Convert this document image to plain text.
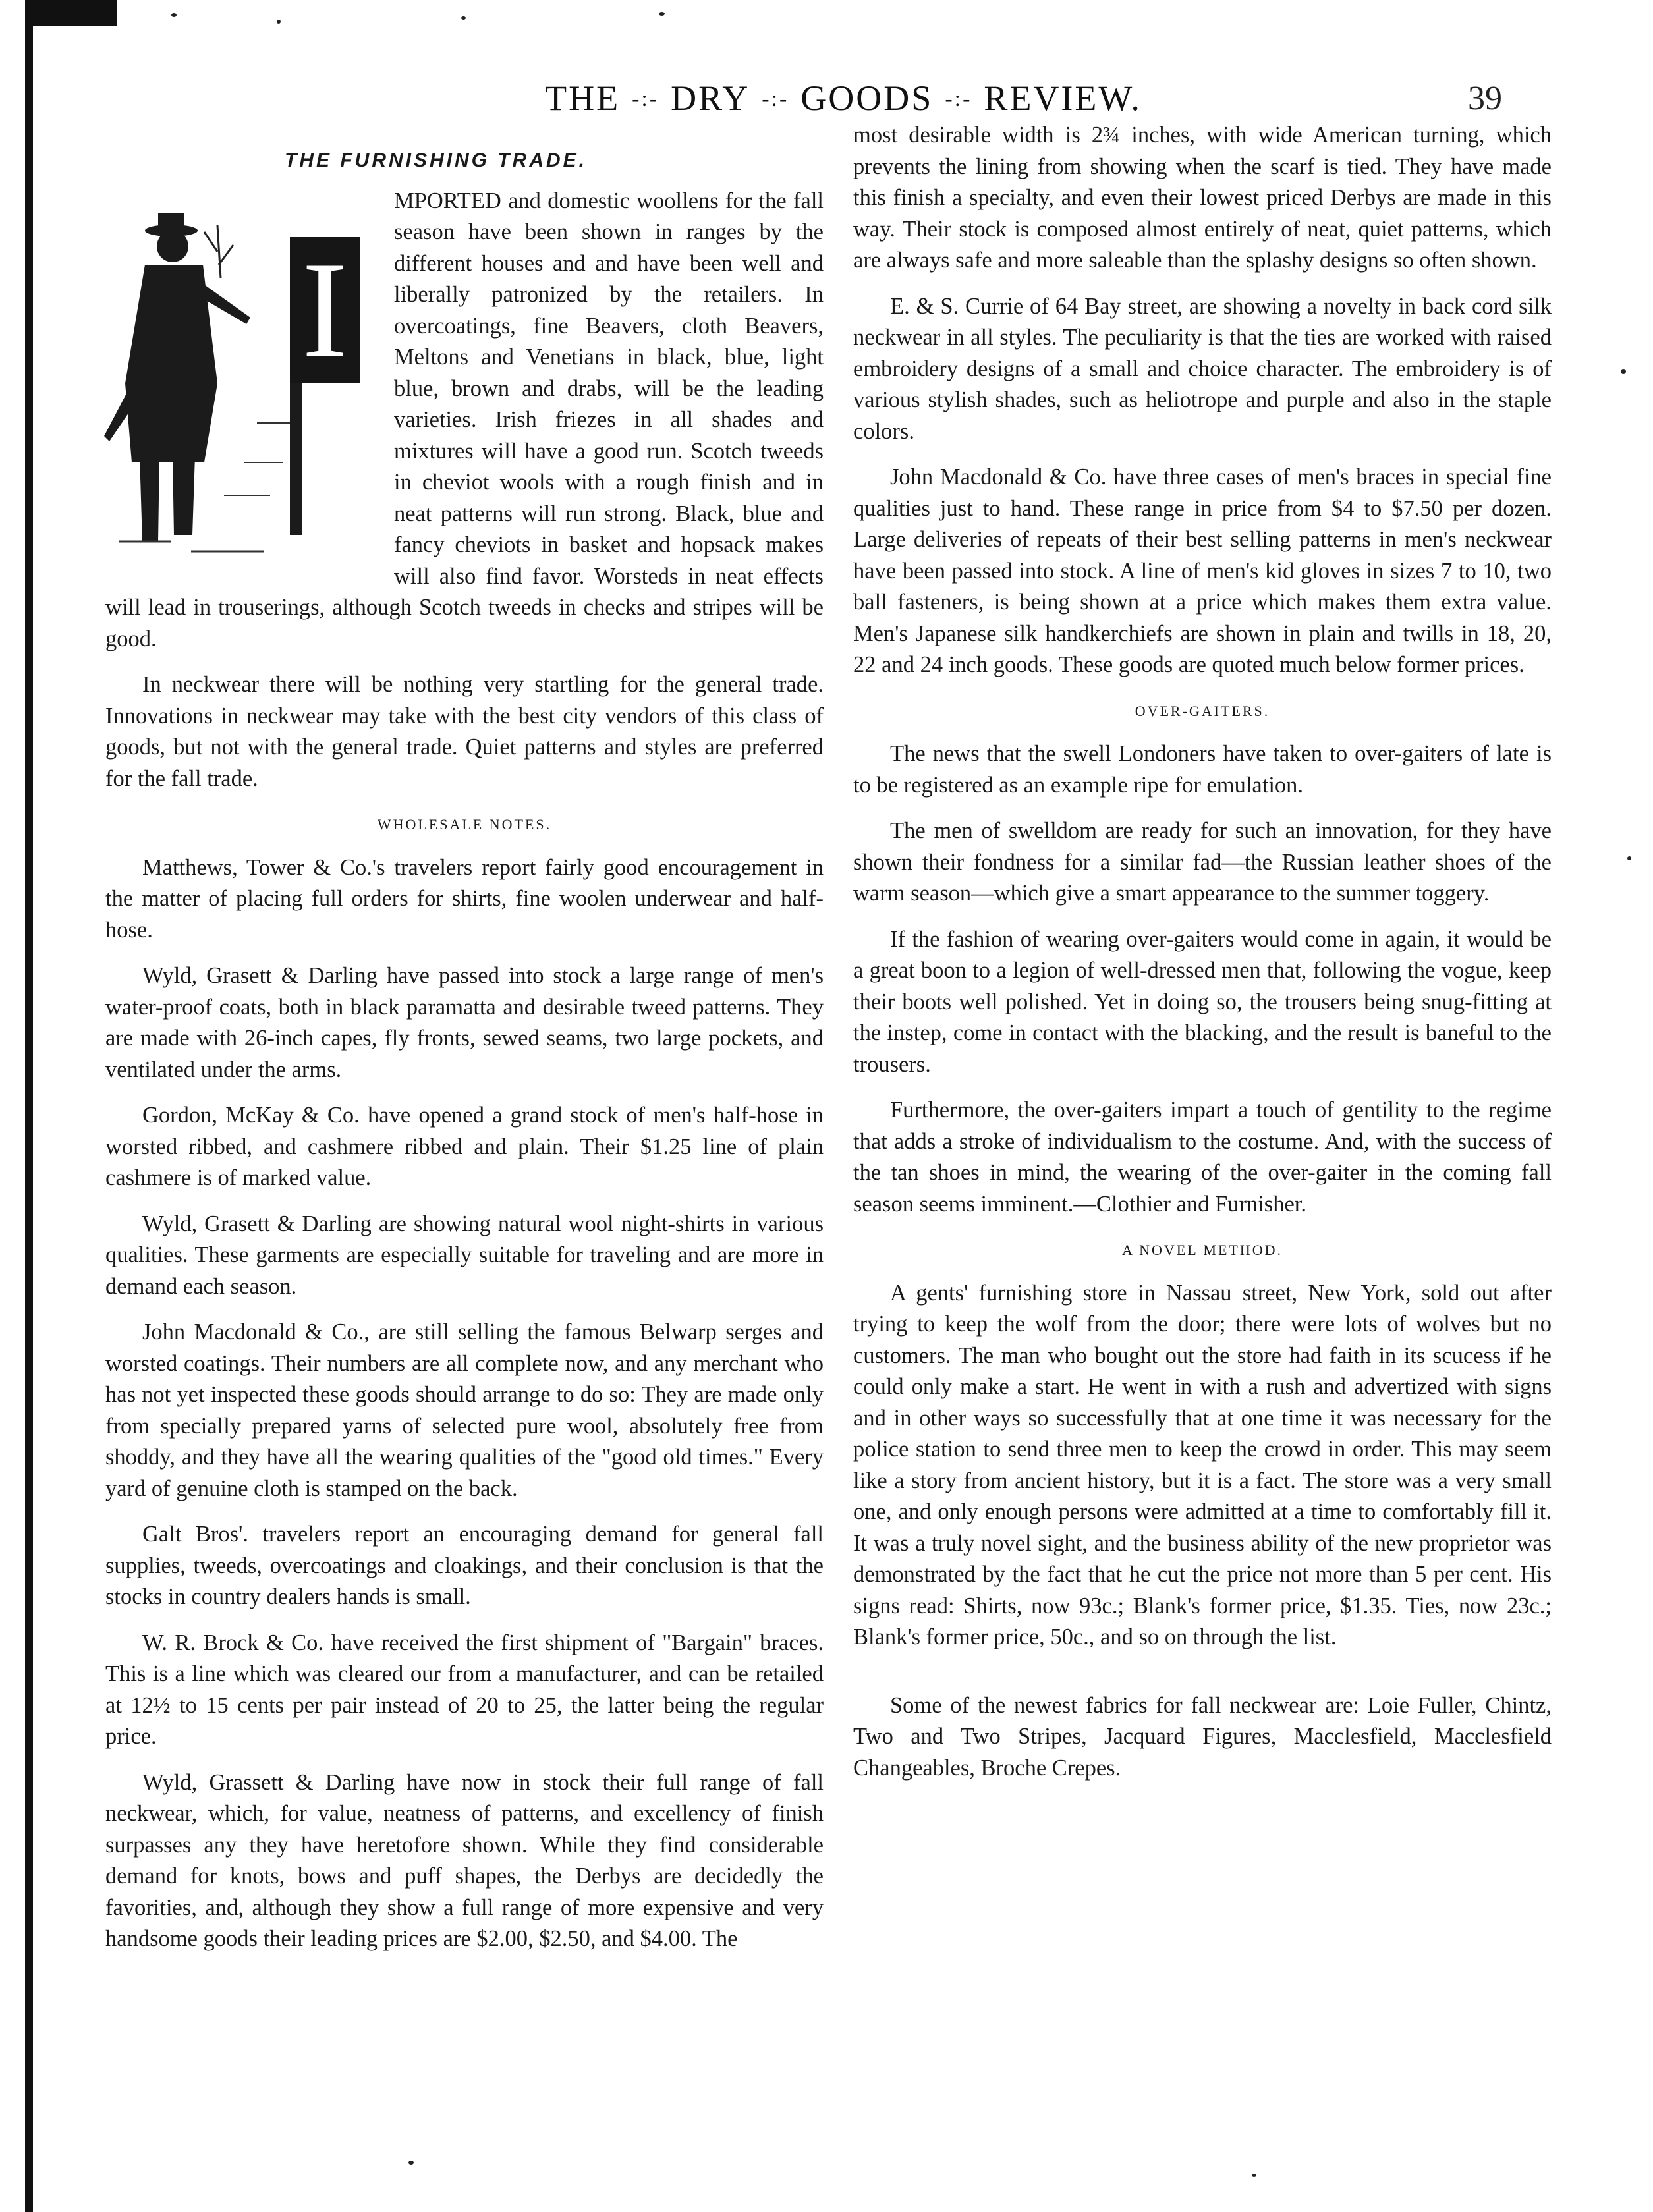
THE -:- DRY -:- GOODS -:- REVIEW.	39
THE FURNISHING TRADE.
I

MPORTED and domestic woollens for the fall season have been shown in ranges by the different houses and and have been well and liberally patronized by the retailers. In overcoatings, fine Beavers, cloth Beavers, Meltons and Venetians in black, blue, light blue, brown and drabs, will be the leading varieties. Irish friezes in all shades and mixtures will have a good run. Scotch tweeds in cheviot wools with a rough finish and in neat patterns will run strong. Black, blue and fancy cheviots in basket and hopsack makes will also find favor. Worsteds in neat effects will lead in trouserings, although Scotch tweeds in checks and stripes will be good.

In neckwear there will be nothing very startling for the general trade. Innovations in neckwear may take with the best city vendors of this class of goods, but not with the general trade. Quiet patterns and styles are preferred for the fall trade.

WHOLESALE NOTES.

Matthews, Tower & Co.'s travelers report fairly good encouragement in the matter of placing full orders for shirts, fine woolen underwear and half-hose.

Wyld, Grasett & Darling have passed into stock a large range of men's water-proof coats, both in black paramatta and desirable tweed patterns. They are made with 26-inch capes, fly fronts, sewed seams, two large pockets, and ventilated under the arms.

Gordon, McKay & Co. have opened a grand stock of men's half-hose in worsted ribbed, and cashmere ribbed and plain. Their $1.25 line of plain cashmere is of marked value.

Wyld, Grasett & Darling are showing natural wool night-shirts in various qualities. These garments are especially suitable for traveling and are more in demand each season.

John Macdonald & Co., are still selling the famous Belwarp serges and worsted coatings. Their numbers are all complete now, and any merchant who has not yet inspected these goods should arrange to do so: They are made only from specially prepared yarns of selected pure wool, absolutely free from shoddy, and they have all the wearing qualities of the "good old times." Every yard of genuine cloth is stamped on the back.

Galt Bros'. travelers report an encouraging demand for general fall supplies, tweeds, overcoatings and cloakings, and their conclusion is that the stocks in country dealers hands is small.

W. R. Brock & Co. have received the first shipment of "Bargain" braces. This is a line which was cleared our from a manufacturer, and can be retailed at 12½ to 15 cents per pair instead of 20 to 25, the latter being the regular price.

Wyld, Grassett & Darling have now in stock their full range of fall neckwear, which, for value, neatness of patterns, and excellency of finish surpasses any they have heretofore shown. While they find considerable demand for knots, bows and puff shapes, the Derbys are decidedly the favorities, and, although they show a full range of more expensive and very handsome goods their leading prices are $2.00, $2.50, and $4.00. The

most desirable width is 2¾ inches, with wide American turning, which prevents the lining from showing when the scarf is tied. They have made this finish a specialty, and even their lowest priced Derbys are made in this way. Their stock is composed almost entirely of neat, quiet patterns, which are always safe and more saleable than the splashy designs so often shown.

E. & S. Currie of 64 Bay street, are showing a novelty in back cord silk neckwear in all styles. The peculiarity is that the ties are worked with raised embroidery designs of a small and choice character. The embroidery is of various stylish shades, such as heliotrope and purple and also in the staple colors.

John Macdonald & Co. have three cases of men's braces in special fine qualities just to hand. These range in price from $4 to $7.50 per dozen. Large deliveries of repeats of their best selling patterns in men's neckwear have been passed into stock. A line of men's kid gloves in sizes 7 to 10, two ball fasteners, is being shown at a price which makes them extra value. Men's Japanese silk handkerchiefs are shown in plain and twills in 18, 20, 22 and 24 inch goods. These goods are quoted much below former prices.

OVER-GAITERS.

The news that the swell Londoners have taken to over-gaiters of late is to be registered as an example ripe for emulation.

The men of swelldom are ready for such an innovation, for they have shown their fondness for a similar fad—the Russian leather shoes of the warm season—which give a smart appearance to the summer toggery.

If the fashion of wearing over-gaiters would come in again, it would be a great boon to a legion of well-dressed men that, following the vogue, keep their boots well polished. Yet in doing so, the trousers being snug-fitting at the instep, come in contact with the blacking, and the result is baneful to the trousers.

Furthermore, the over-gaiters impart a touch of gentility to the regime that adds a stroke of individualism to the costume. And, with the success of the tan shoes in mind, the wearing of the over-gaiter in the coming fall season seems imminent.—Clothier and Furnisher.

A NOVEL METHOD.

A gents' furnishing store in Nassau street, New York, sold out after trying to keep the wolf from the door; there were lots of wolves but no customers. The man who bought out the store had faith in its scucess if he could only make a start. He went in with a rush and advertized with signs and in other ways so successfully that at one time it was necessary for the police station to send three men to keep the crowd in order. This may seem like a story from ancient history, but it is a fact. The store was a very small one, and only enough persons were admitted at a time to comfortably fill it. It was a truly novel sight, and the business ability of the new proprietor was demonstrated by the fact that he cut the price not more than 5 per cent. His signs read: Shirts, now 93c.; Blank's former price, $1.35. Ties, now 23c.; Blank's former price, 50c., and so on through the list.

Some of the newest fabrics for fall neckwear are: Loie Fuller, Chintz, Two and Two Stripes, Jacquard Figures, Macclesfield, Macclesfield Changeables, Broche Crepes.
